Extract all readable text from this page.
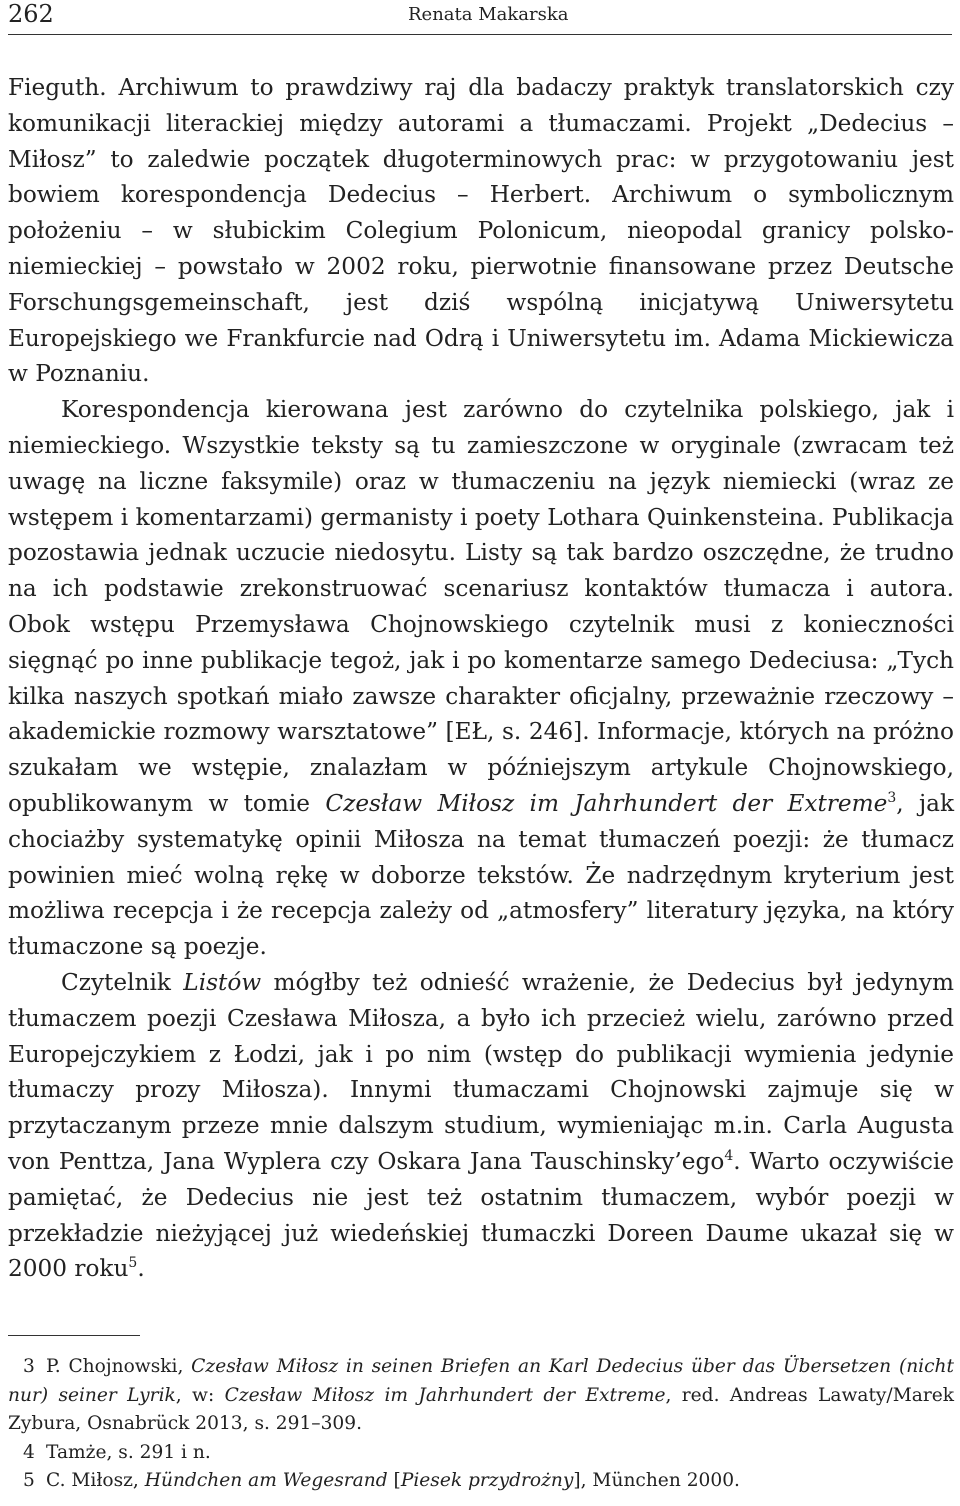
262	Renata Makarska

Fieguth. Archiwum to prawdziwy raj dla badaczy praktyk translatorskich czy komunikacji literackiej między autorami a tłumaczami. Projekt „Dedecius – Miłosz” to zaledwie początek długoterminowych prac: w przygotowaniu jest bowiem korespondencja Dedecius – Herbert. Archiwum o symbolicznym położeniu – w słubickim Colegium Polonicum, nieopodal granicy polsko-niemieckiej – powstało w 2002 roku, pierwotnie finansowane przez Deutsche Forschungsgemeinschaft, jest dziś wspólną inicjatywą Uniwersytetu Europejskiego we Frankfurcie nad Odrą i Uniwersytetu im. Adama Mickiewicza w Poznaniu.

Korespondencja kierowana jest zarówno do czytelnika polskiego, jak i niemieckiego. Wszystkie teksty są tu zamieszczone w oryginale (zwracam też uwagę na liczne faksymile) oraz w tłumaczeniu na język niemiecki (wraz ze wstępem i komentarzami) germanisty i poety Lothara Quinkensteina. Publikacja pozostawia jednak uczucie niedosytu. Listy są tak bardzo oszczędne, że trudno na ich podstawie zrekonstruować scenariusz kontaktów tłumacza i autora. Obok wstępu Przemysława Chojnowskiego czytelnik musi z konieczności sięgnąć po inne publikacje tegoż, jak i po komentarze samego Dedeciusa: „Tych kilka naszych spotkań miało zawsze charakter oficjalny, przeważnie rzeczowy – akademickie rozmowy warsztatowe” [EŁ, s. 246]. Informacje, których na próżno szukałam we wstępie, znalazłam w późniejszym artykule Chojnowskiego, opublikowanym w tomie Czesław Miłosz im Jahrhundert der Extreme$^3$, jak chociażby systematykę opinii Miłosza na temat tłumaczeń poezji: że tłumacz powinien mieć wolną rękę w doborze tekstów. Że nadrzędnym kryterium jest możliwa recepcja i że recepcja zależy od „atmosfery” literatury języka, na który tłumaczone są poezje.

Czytelnik Listów mógłby też odnieść wrażenie, że Dedecius był jedynym tłumaczem poezji Czesława Miłosza, a było ich przecież wielu, zarówno przed Europejczykiem z Łodzi, jak i po nim (wstęp do publikacji wymienia jedynie tłumaczy prozy Miłosza). Innymi tłumaczami Chojnowski zajmuje się w przytaczanym przeze mnie dalszym studium, wymieniając m.in. Carla Augusta von Penttza, Jana Wyplera czy Oskara Jana Tauschinsky’ego$^4$. Warto oczywiście pamiętać, że Dedecius nie jest też ostatnim tłumaczem, wybór poezji w przekładzie nieżyjącej już wiedeńskiej tłumaczki Doreen Daume ukazał się w 2000 roku$^5$.

3 P. Chojnowski, Czesław Miłosz in seinen Briefen an Karl Dedecius über das Übersetzen (nicht nur) seiner Lyrik, w: Czesław Miłosz im Jahrhundert der Extreme, red. Andreas Lawaty/Marek Zybura, Osnabrück 2013, s. 291–309.

4 Tamże, s. 291 i n.

5 C. Miłosz, Hündchen am Wegesrand [Piesek przydrożny], München 2000.
